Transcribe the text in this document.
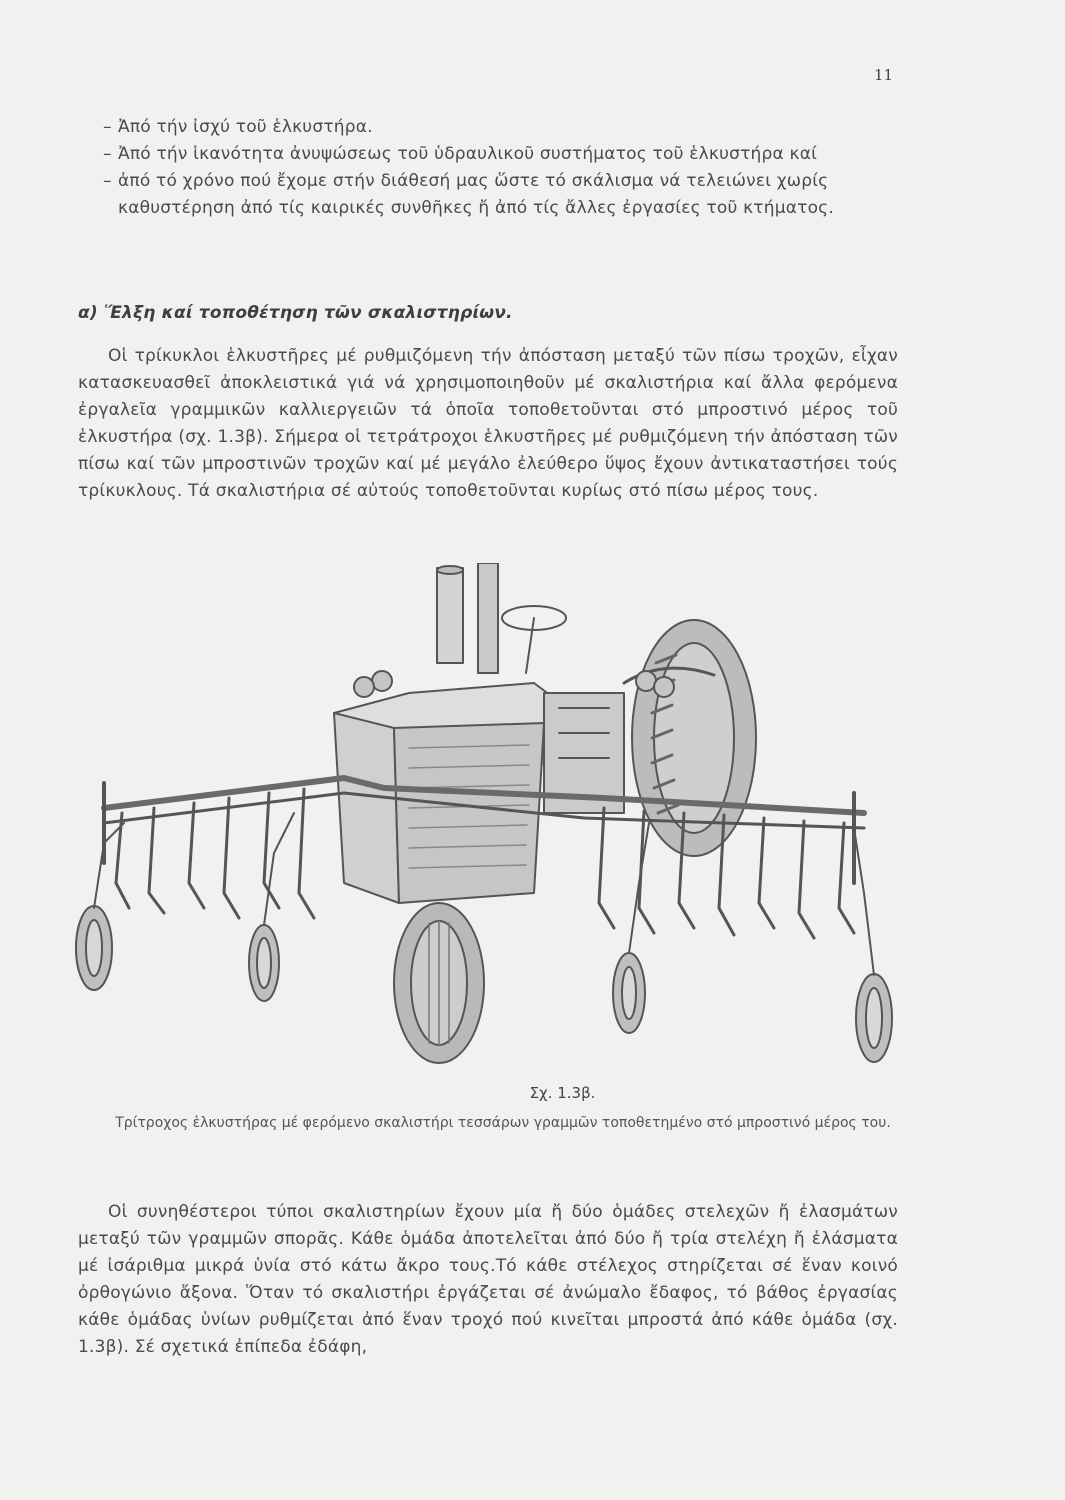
11
– Ἀπό τήν ἰσχύ τοῦ ἑλκυστήρα.
– Ἀπό τήν ἱκανότητα ἀνυψώσεως τοῦ ὑδραυλικοῦ συστήματος τοῦ ἑλκυστήρα καί
– ἀπό τό χρόνο πού ἔχομε στήν διάθεσή μας ὥστε τό σκάλισμα νά τελειώνει χωρίς καθυστέρηση ἀπό τίς καιρικές συνθῆκες ἤ ἀπό τίς ἄλλες ἐργασίες τοῦ κτήματος.
α) Ἕλξη καί τοποθέτηση τῶν σκαλιστηρίων.

Οἱ τρίκυκλοι ἑλκυστῆρες μέ ρυθμιζόμενη τήν ἀπόσταση μεταξύ τῶν πίσω τροχῶν, εἶχαν κατασκευασθεῖ ἀποκλειστικά γιά νά χρησιμοποιηθοῦν μέ σκαλιστήρια καί ἄλλα φερόμενα ἐργαλεῖα γραμμικῶν καλλιεργειῶν τά ὁποῖα τοποθετοῦνται στό μπροστινό μέρος τοῦ ἑλκυστήρα (σχ. 1.3β). Σήμερα οἱ τετράτροχοι ἑλκυστῆρες μέ ρυθμιζόμενη τήν ἀπόσταση τῶν πίσω καί τῶν μπροστινῶν τροχῶν καί μέ μεγάλο ἐλεύθερο ὕψος ἔχουν ἀντικαταστήσει τούς τρίκυκλους. Τά σκαλιστήρια σέ αὐτούς τοποθετοῦνται κυρίως στό πίσω μέρος τους.

Σχ. 1.3β.
Τρίτροχος ἑλκυστήρας μέ φερόμενο σκαλιστήρι τεσσάρων γραμμῶν τοποθετημένο στό μπροστινό μέρος του.

Οἱ συνηθέστεροι τύποι σκαλιστηρίων ἔχουν μία ἤ δύο ὁμάδες στελεχῶν ἤ ἐλασμάτων μεταξύ τῶν γραμμῶν σπορᾶς. Κάθε ὁμάδα ἀποτελεῖται ἀπό δύο ἤ τρία στελέχη ἤ ἐλάσματα μέ ἰσάριθμα μικρά ὑνία στό κάτω ἄκρο τους.Τό κάθε στέλεχος στηρίζεται σέ ἕναν κοινό ὀρθογώνιο ἄξονα. Ὅταν τό σκαλιστήρι ἐργάζεται σέ ἀνώμαλο ἔδαφος, τό βάθος ἐργασίας κάθε ὁμάδας ὑνίων ρυθμίζεται ἀπό ἕναν τροχό πού κινεῖται μπροστά ἀπό κάθε ὁμάδα (σχ. 1.3β). Σέ σχετικά ἐπίπεδα ἐδάφη,
